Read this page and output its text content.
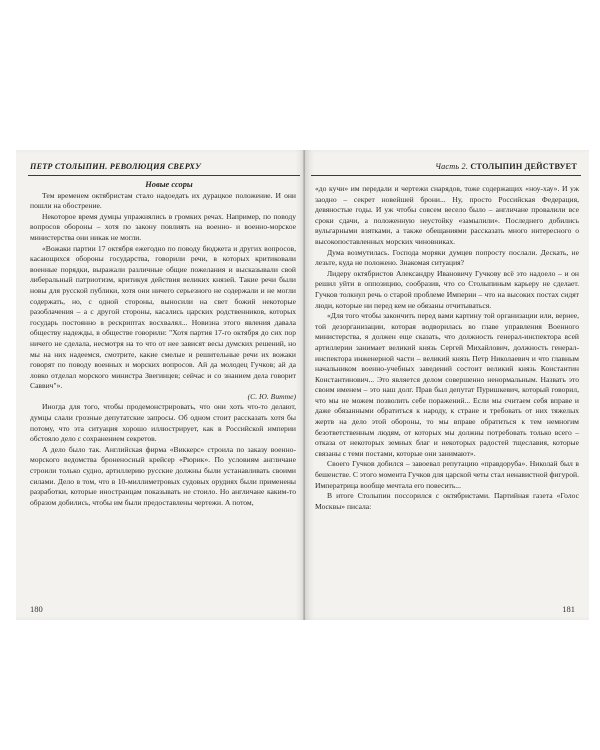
ПЕТР СТОЛЫПИН. РЕВОЛЮЦИЯ СВЕРХУ

Новые ссоры

Тем временем октябристам стало надоедать их дурацкое положение. И они пошли на обострение.

Некоторое время думцы упражнялись в громких речах. Например, по поводу вопросов обороны – хотя по закону повлиять на военно- и военно-морское министерства они никак не могли.

«Вожаки партии 17 октября ежегодно по поводу бюджета и других вопросов, касающихся обороны государства, говорили речи, в которых критиковали военные порядки, выражали различные общие пожелания и высказывали свой либеральный патриотизм, критикуя действия великих князей. Такие речи были новы для русской публики, хотя они ничего серьезного не содержали и не могли содержать, но, с одной стороны, выносили на свет божий некоторые разоблачения – а с другой стороны, касались царских родственников, которых государь постоянно в рескриптах восхвалял... Новизна этого явления давала обществу надежды, в обществе говорили: "Хотя партия 17-го октября до сих пор ничего не сделала, несмотря на то что от нее зависят весы думских решений, но мы на них надеемся, смотрите, какие смелые и решительные речи их вожаки говорят по поводу военных и морских вопросов. Ай да молодец Гучков; ай да ловко отделал морского министра Звегинцев; сейчас и со знанием дела говорит Саввич"».

(С. Ю. Витте)

Иногда для того, чтобы продемонстрировать, что они хоть что-то делают, думцы слали грозные депутатские запросы. Об одном стоит рассказать хотя бы потому, что эта ситуация хорошо иллюстрирует, как в Российской империи обстояло дело с сохранением секретов.

А дело было так. Английская фирма «Виккерс» строила по заказу военно-морского ведомства броненосный крейсер «Рюрик». По условиям англичане строили только судно, артиллерию русские должны были устанавливать своими силами. Дело в том, что в 10-миллиметровых судовых орудиях были применены разработки, которые иностранцам показывать не стоило. Но англичане каким-то образом добились, чтобы им были предоставлены чертежи. А потом,

180
Часть 2. СТОЛЫПИН ДЕЙСТВУЕТ

«до кучи» им передали и чертежи снарядов, тоже содержащих «ноу-хау». И уж заодно – секрет новейшей брони... Ну, просто Российская Федерация, девяностые годы. И уж чтобы совсем весело было – англичане провалили все сроки сдачи, а положенную неустойку «замылили». Последнего добились вульгарными взятками, а также обещаниями рассказать много интересного о высокопоставленных морских чиновниках.

Дума возмутилась. Господа моряки думцев попросту послали. Дескать, не лезьте, куда не положено. Знакомая ситуация?

Лидеру октябристов Александру Ивановичу Гучкову всё это надоело – и он решил уйти в оппозицию, сообразив, что со Столыпиным карьеру не сделает. Гучков толкнул речь о старой проблеме Империи – что на высоких постах сидят люди, которые ни перед кем не обязаны отчитываться.

«Для того чтобы закончить перед вами картину той организации или, вернее, той дезорганизации, которая водворилась во главе управления Военного министерства, я должен еще сказать, что должность генерал-инспектора всей артиллерии занимает великий князь Сергей Михайлович, должность генерал-инспектора инженерной части – великий князь Петр Николаевич и что главным начальником военно-учебных заведений состоит великий князь Константин Константинович... Это является делом совершенно ненормальным. Назвать это своим именем – это наш долг. Прав был депутат Пуришкевич, который говорил, что мы не можем позволить себе поражений... Если мы считаем себя вправе и даже обязанными обратиться к народу, к стране и требовать от них тяжелых жертв на дело этой обороны, то мы вправе обратиться к тем немногим безответственным людям, от которых мы должны потребовать только всего – отказа от некоторых земных благ и некоторых радостей тщеславия, которые связаны с теми постами, которые они занимают».

Своего Гучков добился – завоевал репутацию «правдоруба». Николай был в бешенстве. С этого момента Гучков для царской четы стал ненавистной фигурой. Императрица вообще мечтала его повесить...

В итоге Столыпин поссорился с октябристами. Партийная газета «Голос Москвы» писала:

181
